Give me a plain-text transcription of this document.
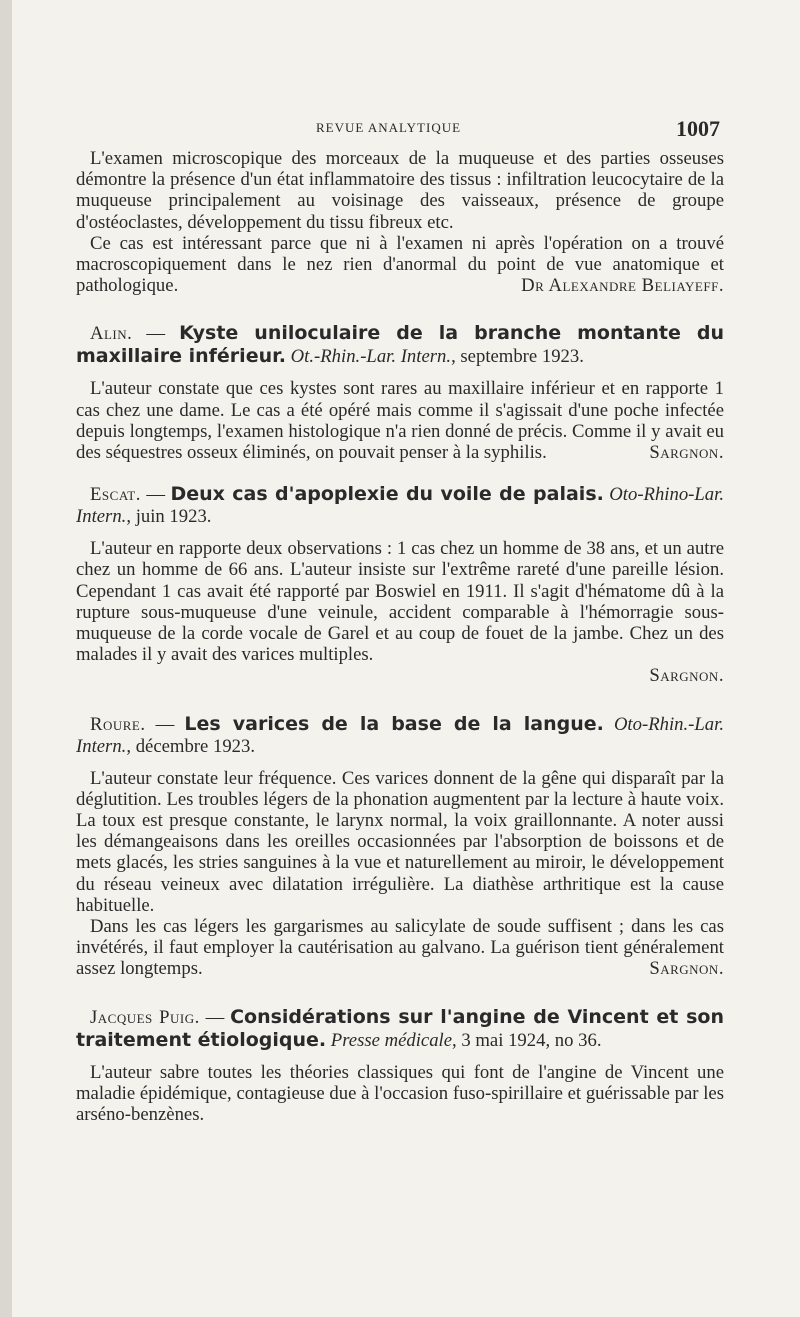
REVUE ANALYTIQUE	1007

L'examen microscopique des morceaux de la muqueuse et des parties osseuses démontre la présence d'un état inflammatoire des tissus : infiltration leucocytaire de la muqueuse principalement au voisinage des vaisseaux, présence de groupe d'ostéoclastes, développement du tissu fibreux etc.

Ce cas est intéressant parce que ni à l'examen ni après l'opération on a trouvé macroscopiquement dans le nez rien d'anormal du point de vue anatomique et pathologique.	Dr Alexandre Beliayeff.

Alin. — Kyste uniloculaire de la branche montante du maxillaire inférieur. Ot.-Rhin.-Lar. Intern., septembre 1923.

L'auteur constate que ces kystes sont rares au maxillaire inférieur et en rapporte 1 cas chez une dame. Le cas a été opéré mais comme il s'agissait d'une poche infectée depuis longtemps, l'examen histologique n'a rien donné de précis. Comme il y avait eu des séquestres osseux éliminés, on pouvait penser à la syphilis.	Sargnon.

Escat. — Deux cas d'apoplexie du voile de palais. Oto-Rhino-Lar. Intern., juin 1923.

L'auteur en rapporte deux observations : 1 cas chez un homme de 38 ans, et un autre chez un homme de 66 ans. L'auteur insiste sur l'extrême rareté d'une pareille lésion. Cependant 1 cas avait été rapporté par Boswiel en 1911. Il s'agit d'hématome dû à la rupture sous-muqueuse d'une veinule, accident comparable à l'hémorragie sous-muqueuse de la corde vocale de Garel et au coup de fouet de la jambe. Chez un des malades il y avait des varices multiples.

Sargnon.

Roure. — Les varices de la base de la langue. Oto-Rhin.-Lar. Intern., décembre 1923.

L'auteur constate leur fréquence. Ces varices donnent de la gêne qui disparaît par la déglutition. Les troubles légers de la phonation augmentent par la lecture à haute voix. La toux est presque constante, le larynx normal, la voix graillonnante. A noter aussi les démangeaisons dans les oreilles occasionnées par l'absorption de boissons et de mets glacés, les stries sanguines à la vue et naturellement au miroir, le développement du réseau veineux avec dilatation irrégulière. La diathèse arthritique est la cause habituelle.

Dans les cas légers les gargarismes au salicylate de soude suffisent ; dans les cas invétérés, il faut employer la cautérisation au galvano. La guérison tient généralement assez longtemps.	Sargnon.

Jacques Puig. — Considérations sur l'angine de Vincent et son traitement étiologique. Presse médicale, 3 mai 1924, no 36.

L'auteur sabre toutes les théories classiques qui font de l'angine de Vincent une maladie épidémique, contagieuse due à l'occasion fuso-spirillaire et guérissable par les arséno-benzènes.
